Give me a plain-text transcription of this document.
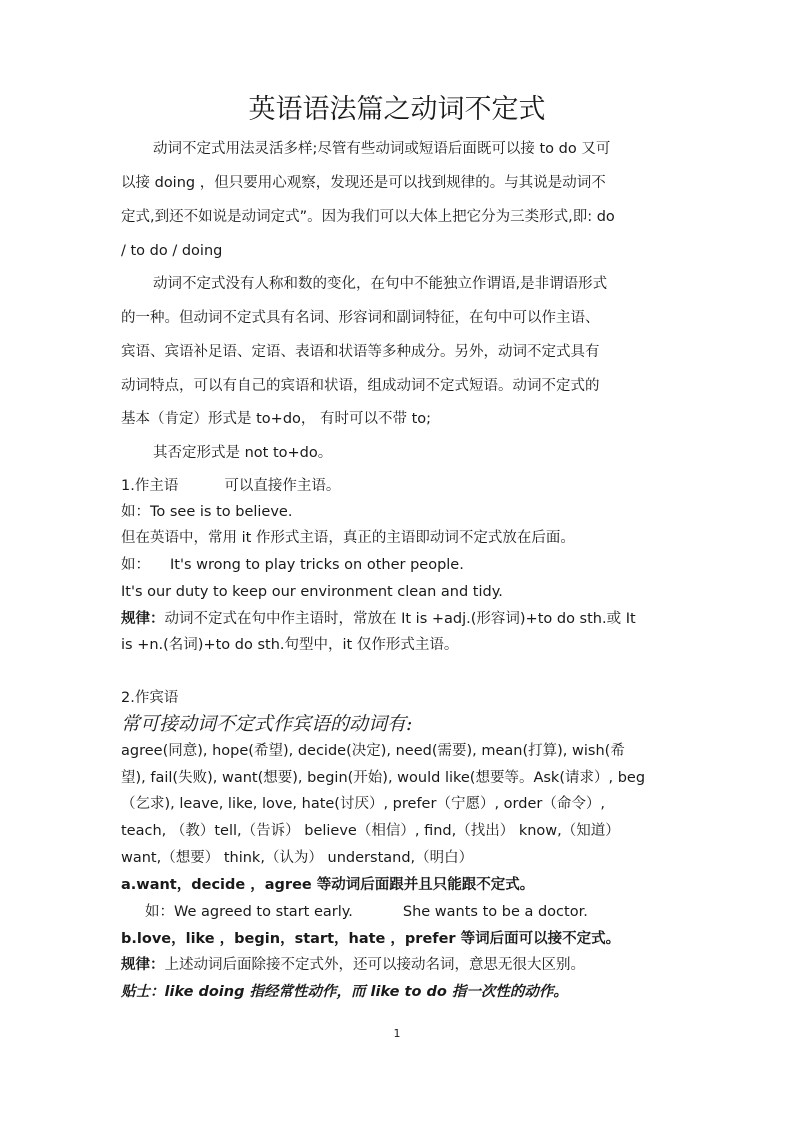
英语语法篇之动词不定式
动词不定式用法灵活多样;尽管有些动词或短语后面既可以接 to do 又可
以接 doing ，但只要用心观察，发现还是可以找到规律的。与其说是动词不
定式,到还不如说是动词定式”。因为我们可以大体上把它分为三类形式,即: do
/ to do / doing
动词不定式没有人称和数的变化，在句中不能独立作谓语,是非谓语形式
的一种。但动词不定式具有名词、形容词和副词特征，在句中可以作主语、
宾语、宾语补足语、定语、表语和状语等多种成分。另外，动词不定式具有
动词特点，可以有自己的宾语和状语，组成动词不定式短语。动词不定式的
基本（肯定）形式是 to+do， 有时可以不带 to;
其否定形式是 not to+do。
1.作主语	可以直接作主语。
如：To see is to believe.
但在英语中，常用 it 作形式主语，真正的主语即动词不定式放在后面。
如： It's wrong to play tricks on other people.
It's our duty to keep our environment clean and tidy.
规律：动词不定式在句中作主语时，常放在 It is +adj.(形容词)+to do sth.或 It
is +n.(名词)+to do sth.句型中，it 仅作形式主语。
2.作宾语
常可接动词不定式作宾语的动词有:
agree(同意), hope(希望), decide(决定), need(需要), mean(打算), wish(希
望), fail(失败), want(想要), begin(开始), would like(想要等。Ask(请求）, beg
（乞求), leave, like, love, hate(讨厌）, prefer（宁愿）, order（命令）,
teach, （教）tell,（告诉） believe（相信）, find,（找出） know,（知道）
want,（想要） think,（认为） understand,（明白）
a.want，decide ，agree 等动词后面跟并且只能跟不定式。
如：We agreed to start early.	She wants to be a doctor.
b.love，like ，begin，start，hate ，prefer 等词后面可以接不定式。
规律：上述动词后面除接不定式外，还可以接动名词，意思无很大区别。
贴士：like doing 指经常性动作，而 like to do 指一次性的动作。
1
